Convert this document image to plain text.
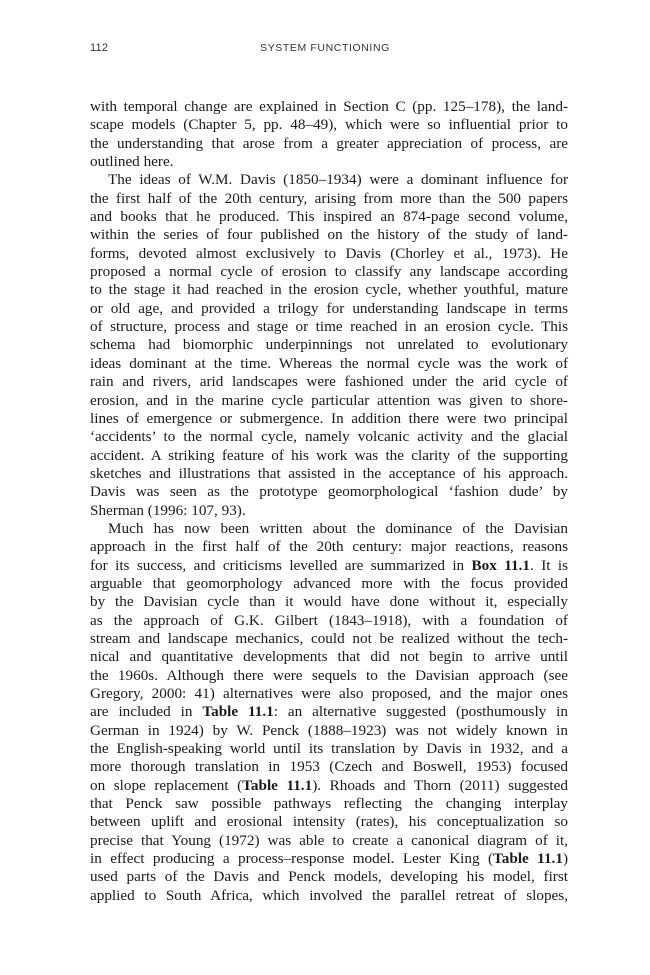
112	SYSTEM FUNCTIONING
with temporal change are explained in Section C (pp. 125–178), the land-
scape models (Chapter 5, pp. 48–49), which were so influential prior to
the understanding that arose from a greater appreciation of process, are
outlined here.
The ideas of W.M. Davis (1850–1934) were a dominant influence for
the first half of the 20th century, arising from more than the 500 papers
and books that he produced. This inspired an 874-page second volume,
within the series of four published on the history of the study of land-
forms, devoted almost exclusively to Davis (Chorley et al., 1973). He
proposed a normal cycle of erosion to classify any landscape according
to the stage it had reached in the erosion cycle, whether youthful, mature
or old age, and provided a trilogy for understanding landscape in terms
of structure, process and stage or time reached in an erosion cycle. This
schema had biomorphic underpinnings not unrelated to evolutionary
ideas dominant at the time. Whereas the normal cycle was the work of
rain and rivers, arid landscapes were fashioned under the arid cycle of
erosion, and in the marine cycle particular attention was given to shore-
lines of emergence or submergence. In addition there were two principal
‘accidents’ to the normal cycle, namely volcanic activity and the glacial
accident. A striking feature of his work was the clarity of the supporting
sketches and illustrations that assisted in the acceptance of his approach.
Davis was seen as the prototype geomorphological ‘fashion dude’ by
Sherman (1996: 107, 93).
Much has now been written about the dominance of the Davisian
approach in the first half of the 20th century: major reactions, reasons
for its success, and criticisms levelled are summarized in Box 11.1. It is
arguable that geomorphology advanced more with the focus provided
by the Davisian cycle than it would have done without it, especially
as the approach of G.K. Gilbert (1843–1918), with a foundation of
stream and landscape mechanics, could not be realized without the tech-
nical and quantitative developments that did not begin to arrive until
the 1960s. Although there were sequels to the Davisian approach (see
Gregory, 2000: 41) alternatives were also proposed, and the major ones
are included in Table 11.1: an alternative suggested (posthumously in
German in 1924) by W. Penck (1888–1923) was not widely known in
the English-speaking world until its translation by Davis in 1932, and a
more thorough translation in 1953 (Czech and Boswell, 1953) focused
on slope replacement (Table 11.1). Rhoads and Thorn (2011) suggested
that Penck saw possible pathways reflecting the changing interplay
between uplift and erosional intensity (rates), his conceptualization so
precise that Young (1972) was able to create a canonical diagram of it,
in effect producing a process–response model. Lester King (Table 11.1)
used parts of the Davis and Penck models, developing his model, first
applied to South Africa, which involved the parallel retreat of slopes,
